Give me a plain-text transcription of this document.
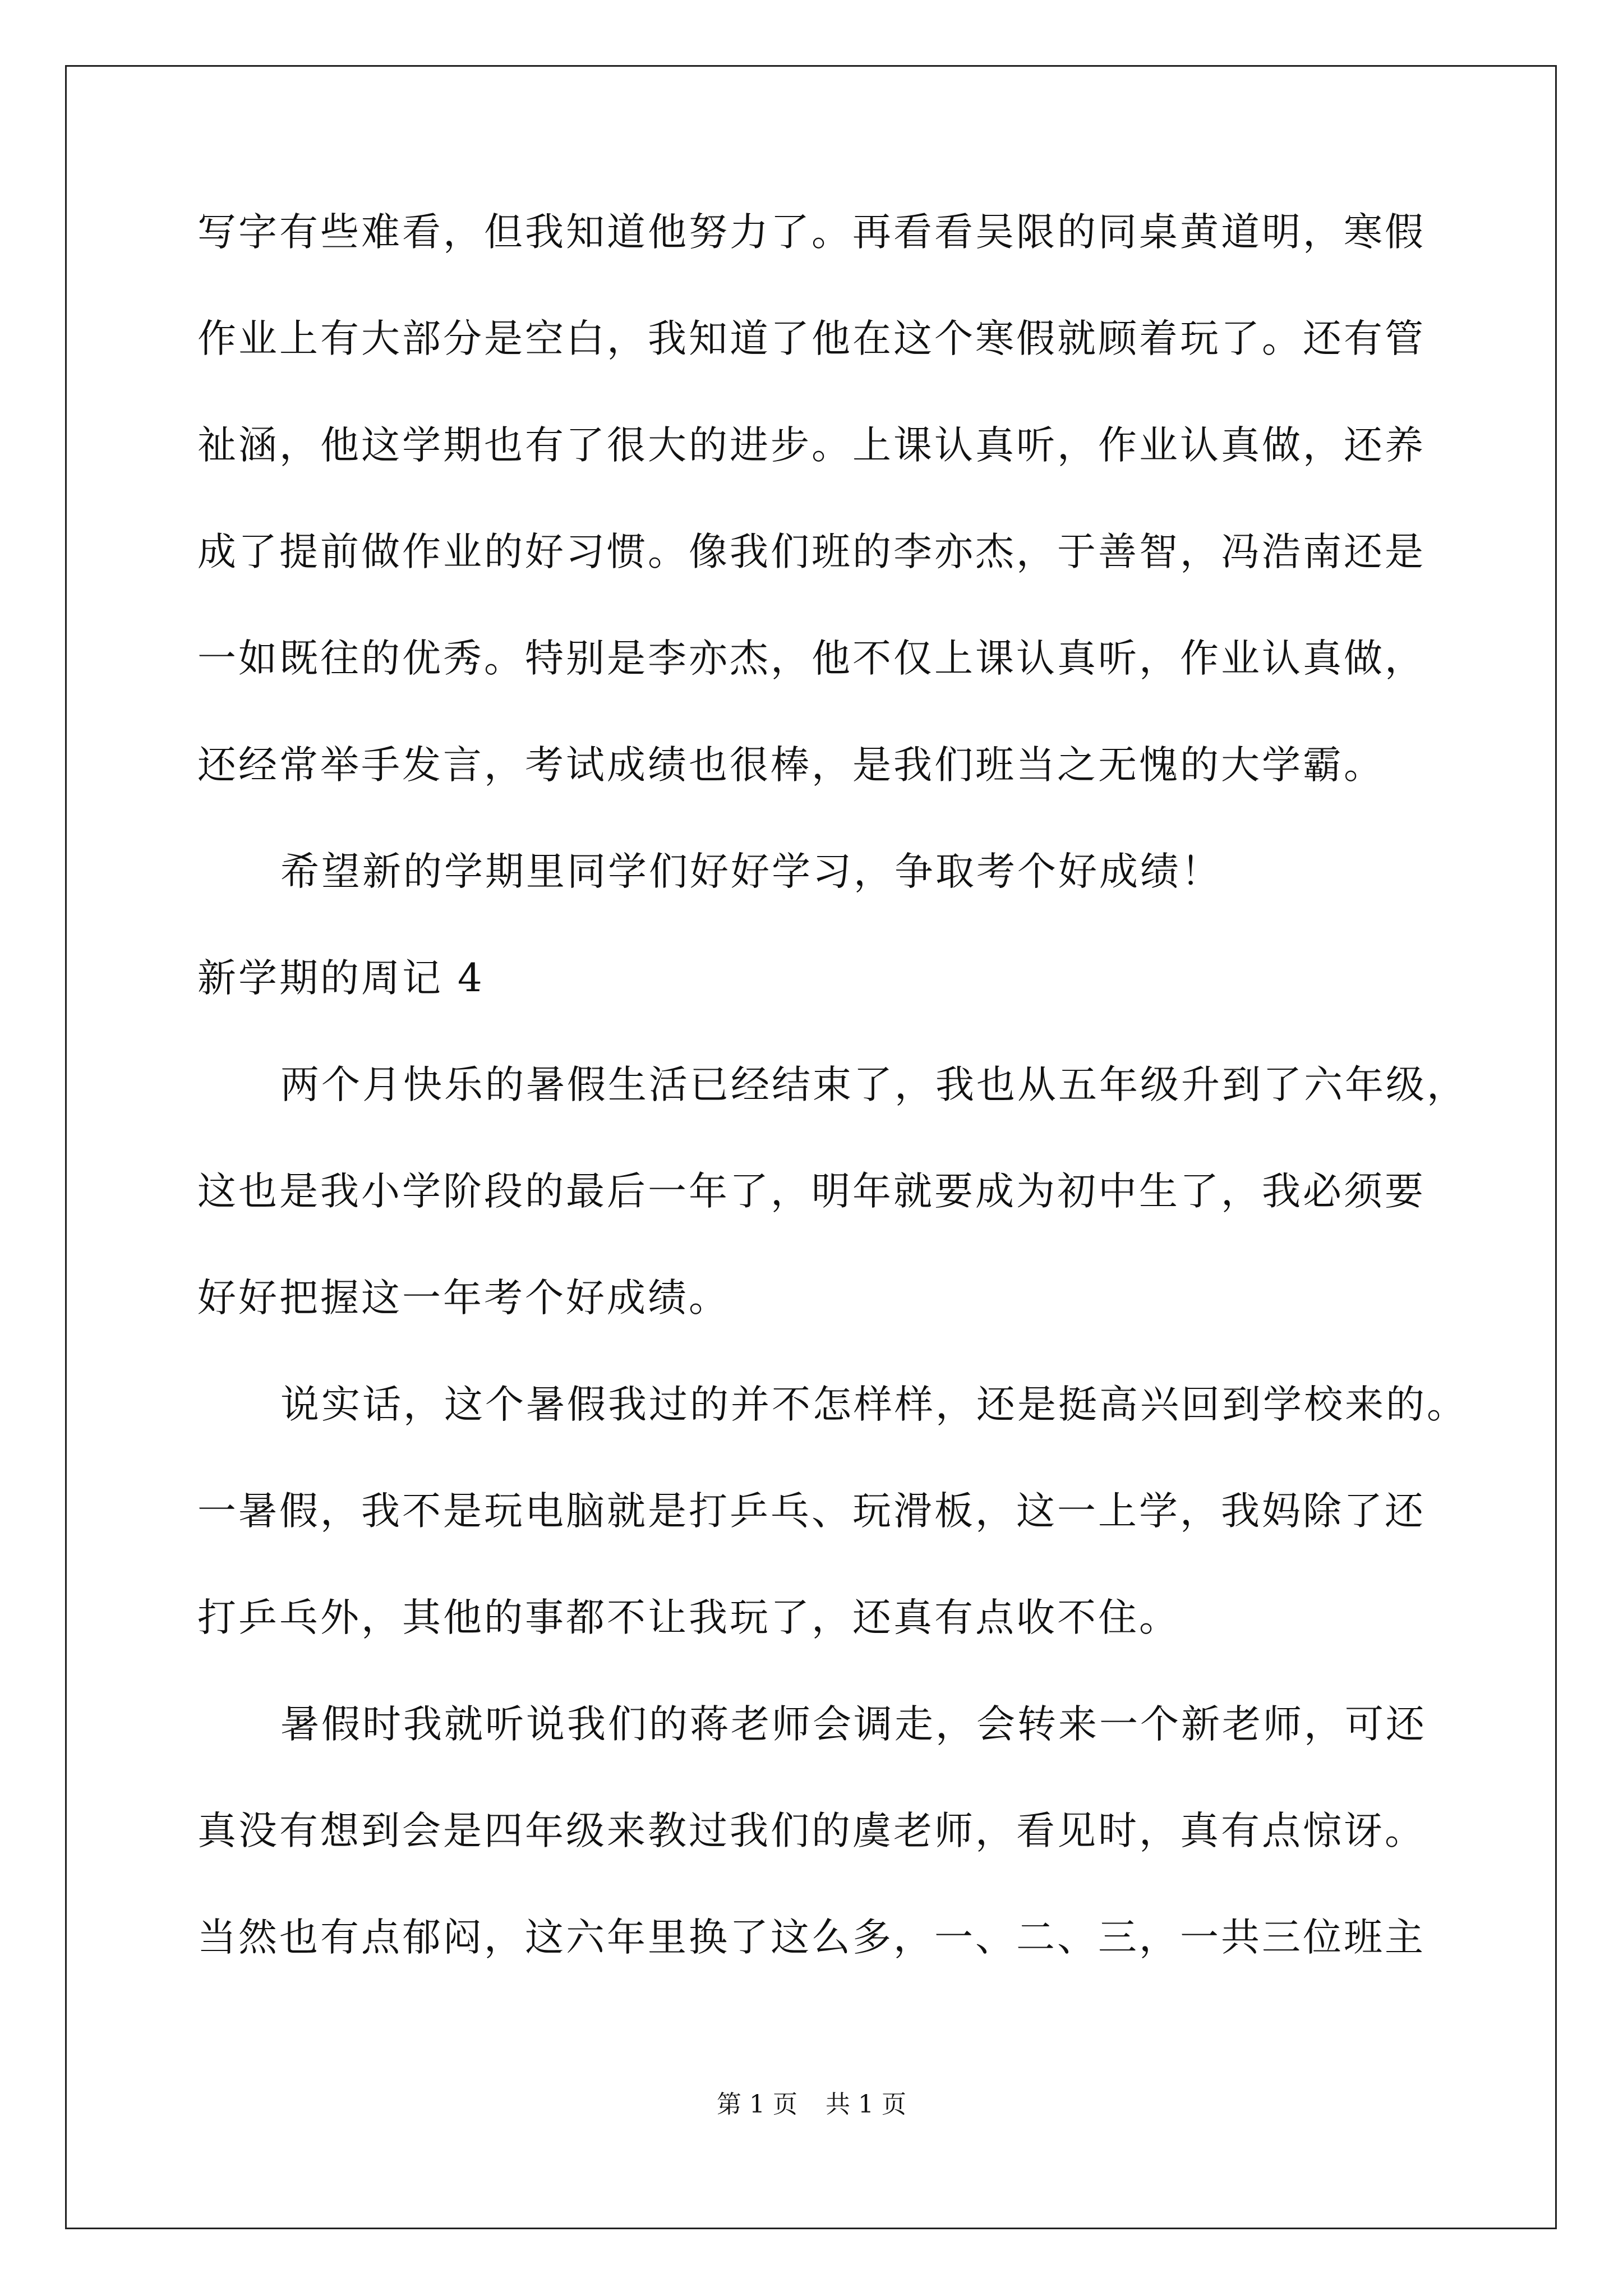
写字有些难看，但我知道他努力了。再看看吴限的同桌黄道明，寒假
作业上有大部分是空白，我知道了他在这个寒假就顾着玩了。还有管
祉涵，他这学期也有了很大的进步。上课认真听，作业认真做，还养
成了提前做作业的好习惯。像我们班的李亦杰，于善智，冯浩南还是
一如既往的优秀。特别是李亦杰，他不仅上课认真听，作业认真做，
还经常举手发言，考试成绩也很棒，是我们班当之无愧的大学霸。
希望新的学期里同学们好好学习，争取考个好成绩！
新学期的周记 4
两个月快乐的暑假生活已经结束了，我也从五年级升到了六年级，
这也是我小学阶段的最后一年了，明年就要成为初中生了，我必须要
好好把握这一年考个好成绩。
说实话，这个暑假我过的并不怎样样，还是挺高兴回到学校来的。
一暑假，我不是玩电脑就是打乒乓、玩滑板，这一上学，我妈除了还
打乒乓外，其他的事都不让我玩了，还真有点收不住。
暑假时我就听说我们的蒋老师会调走，会转来一个新老师，可还
真没有想到会是四年级来教过我们的虞老师，看见时，真有点惊讶。
当然也有点郁闷，这六年里换了这么多，一、二、三，一共三位班主
第 1 页 共 1 页
